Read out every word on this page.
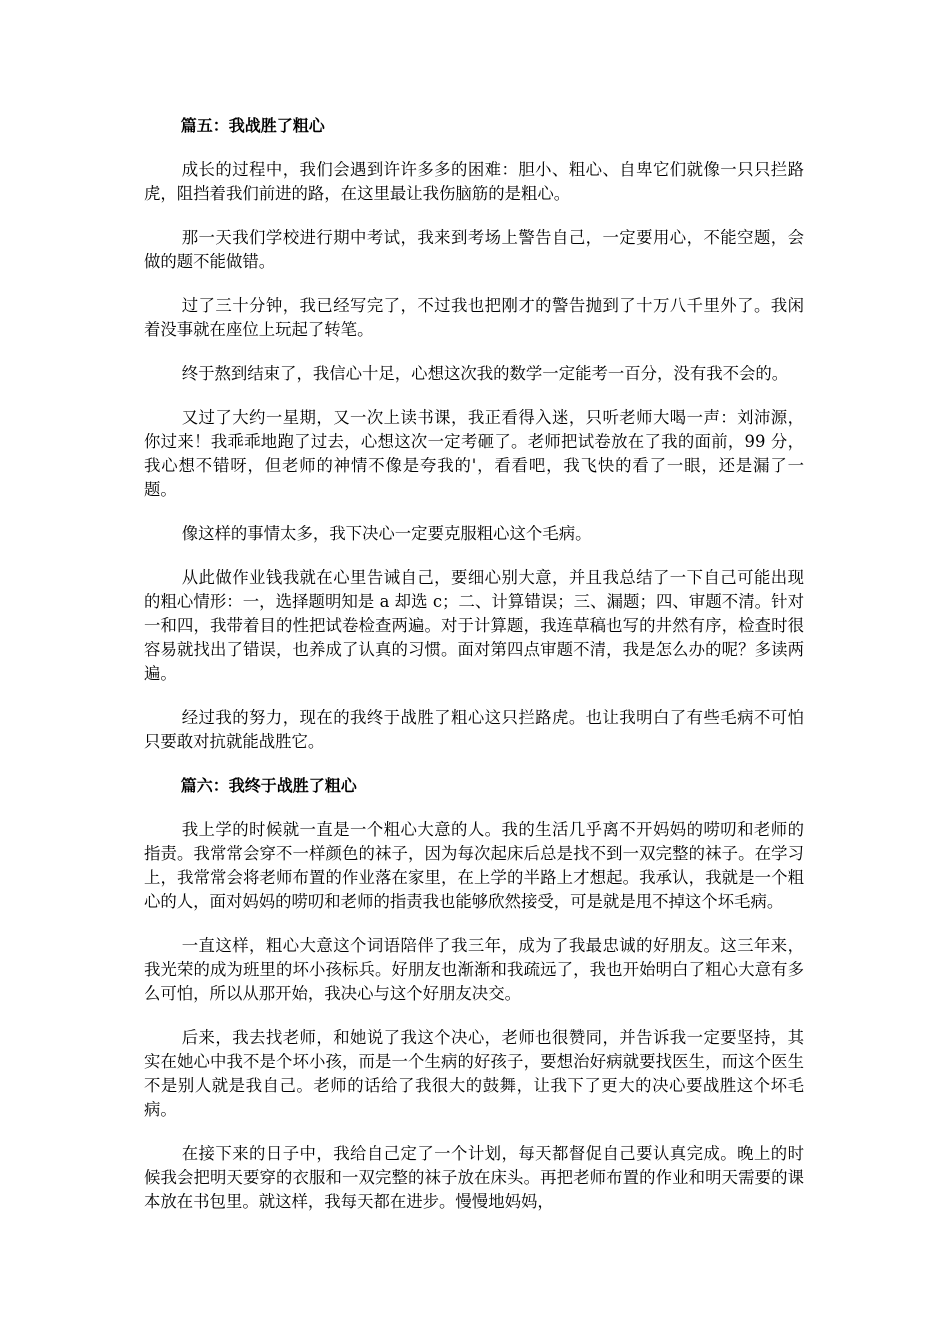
篇五：我战胜了粗心

成长的过程中，我们会遇到许许多多的困难：胆小、粗心、自卑它们就像一只只拦路虎，阻挡着我们前进的路，在这里最让我伤脑筋的是粗心。

那一天我们学校进行期中考试，我来到考场上警告自己，一定要用心，不能空题，会做的题不能做错。

过了三十分钟，我已经写完了，不过我也把刚才的警告抛到了十万八千里外了。我闲着没事就在座位上玩起了转笔。

终于熬到结束了，我信心十足，心想这次我的数学一定能考一百分，没有我不会的。

又过了大约一星期，又一次上读书课，我正看得入迷，只听老师大喝一声：刘沛源，你过来！我乖乖地跑了过去，心想这次一定考砸了。老师把试卷放在了我的面前，99 分，我心想不错呀，但老师的神情不像是夸我的'，看看吧，我飞快的看了一眼，还是漏了一题。

像这样的事情太多，我下决心一定要克服粗心这个毛病。

从此做作业钱我就在心里告诫自己，要细心别大意，并且我总结了一下自己可能出现的粗心情形：一，选择题明知是 a 却选 c；二、计算错误；三、漏题；四、审题不清。针对一和四，我带着目的性把试卷检查两遍。对于计算题，我连草稿也写的井然有序，检查时很容易就找出了错误，也养成了认真的习惯。面对第四点审题不清，我是怎么办的呢？多读两遍。

经过我的努力，现在的我终于战胜了粗心这只拦路虎。也让我明白了有些毛病不可怕只要敢对抗就能战胜它。

篇六：我终于战胜了粗心

我上学的时候就一直是一个粗心大意的人。我的生活几乎离不开妈妈的唠叨和老师的指责。我常常会穿不一样颜色的袜子，因为每次起床后总是找不到一双完整的袜子。在学习上，我常常会将老师布置的作业落在家里，在上学的半路上才想起。我承认，我就是一个粗心的人，面对妈妈的唠叨和老师的指责我也能够欣然接受，可是就是甩不掉这个坏毛病。

一直这样，粗心大意这个词语陪伴了我三年，成为了我最忠诚的好朋友。这三年来，我光荣的成为班里的坏小孩标兵。好朋友也渐渐和我疏远了，我也开始明白了粗心大意有多么可怕，所以从那开始，我决心与这个好朋友决交。

后来，我去找老师，和她说了我这个决心，老师也很赞同，并告诉我一定要坚持，其实在她心中我不是个坏小孩，而是一个生病的好孩子，要想治好病就要找医生，而这个医生不是别人就是我自己。老师的话给了我很大的鼓舞，让我下了更大的决心要战胜这个坏毛病。

在接下来的日子中，我给自己定了一个计划，每天都督促自己要认真完成。晚上的时候我会把明天要穿的衣服和一双完整的袜子放在床头。再把老师布置的作业和明天需要的课本放在书包里。就这样，我每天都在进步。慢慢地妈妈，
